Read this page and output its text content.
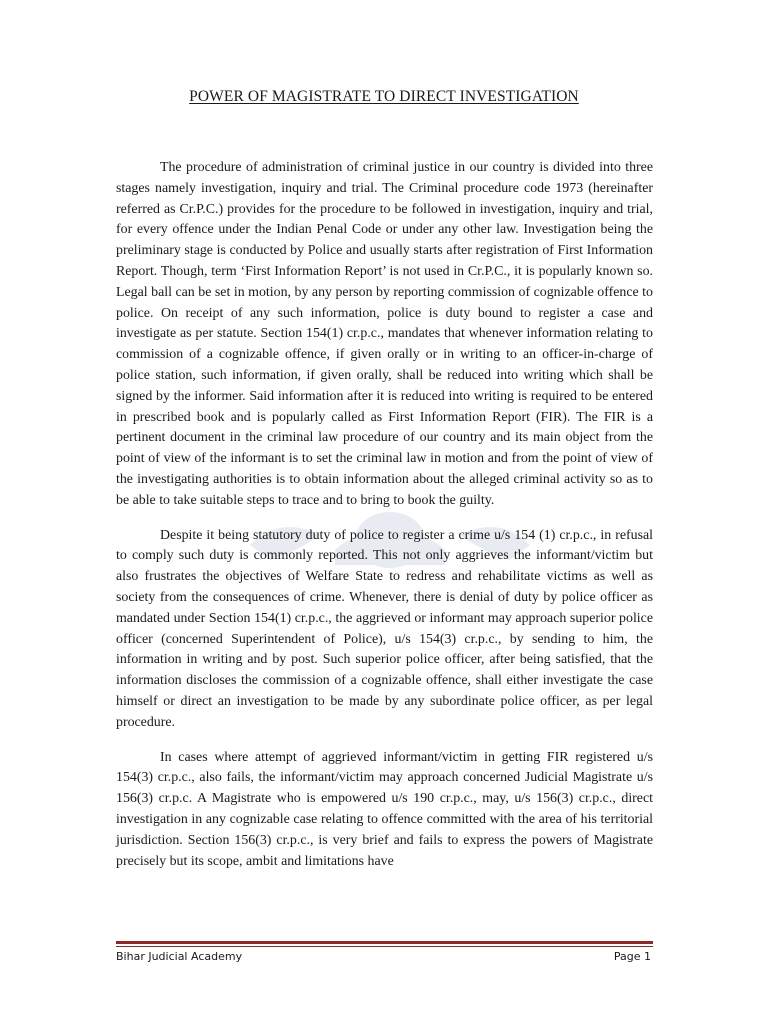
POWER OF MAGISTRATE TO DIRECT INVESTIGATION

The procedure of administration of criminal justice in our country is divided into three stages namely investigation, inquiry and trial. The Criminal procedure code 1973 (hereinafter referred as Cr.P.C.) provides for the procedure to be followed in investigation, inquiry and trial, for every offence under the Indian Penal Code or under any other law. Investigation being the preliminary stage is conducted by Police and usually starts after registration of First Information Report. Though, term ‘First Information Report’ is not used in Cr.P.C., it is popularly known so. Legal ball can be set in motion, by any person by reporting commission of cognizable offence to police. On receipt of any such information, police is duty bound to register a case and investigate as per statute. Section 154(1) cr.p.c., mandates that whenever information relating to commission of a cognizable offence, if given orally or in writing to an officer-in-charge of police station, such information, if given orally, shall be reduced into writing which shall be signed by the informer. Said information after it is reduced into writing is required to be entered in prescribed book and is popularly called as First Information Report (FIR). The FIR is a pertinent document in the criminal law procedure of our country and its main object from the point of view of the informant is to set the criminal law in motion and from the point of view of the investigating authorities is to obtain information about the alleged criminal activity so as to be able to take suitable steps to trace and to bring to book the guilty.

Despite it being statutory duty of police to register a crime u/s 154 (1) cr.p.c., in refusal to comply such duty is commonly reported. This not only aggrieves the informant/victim but also frustrates the objectives of Welfare State to redress and rehabilitate victims as well as society from the consequences of crime. Whenever, there is denial of duty by police officer as mandated under Section 154(1) cr.p.c., the aggrieved or informant may approach superior police officer (concerned Superintendent of Police), u/s 154(3) cr.p.c., by sending to him, the information in writing and by post. Such superior police officer, after being satisfied, that the information discloses the commission of a cognizable offence, shall either investigate the case himself or direct an investigation to be made by any subordinate police officer, as per legal procedure.

In cases where attempt of aggrieved informant/victim in getting FIR registered u/s 154(3) cr.p.c., also fails, the informant/victim may approach concerned Judicial Magistrate u/s 156(3) cr.p.c. A Magistrate who is empowered u/s 190 cr.p.c., may, u/s 156(3) cr.p.c., direct investigation in any cognizable case relating to offence committed with the area of his territorial jurisdiction. Section 156(3) cr.p.c., is very brief and fails to express the powers of Magistrate precisely but its scope, ambit and limitations have

Bihar Judicial Academy	Page 1
